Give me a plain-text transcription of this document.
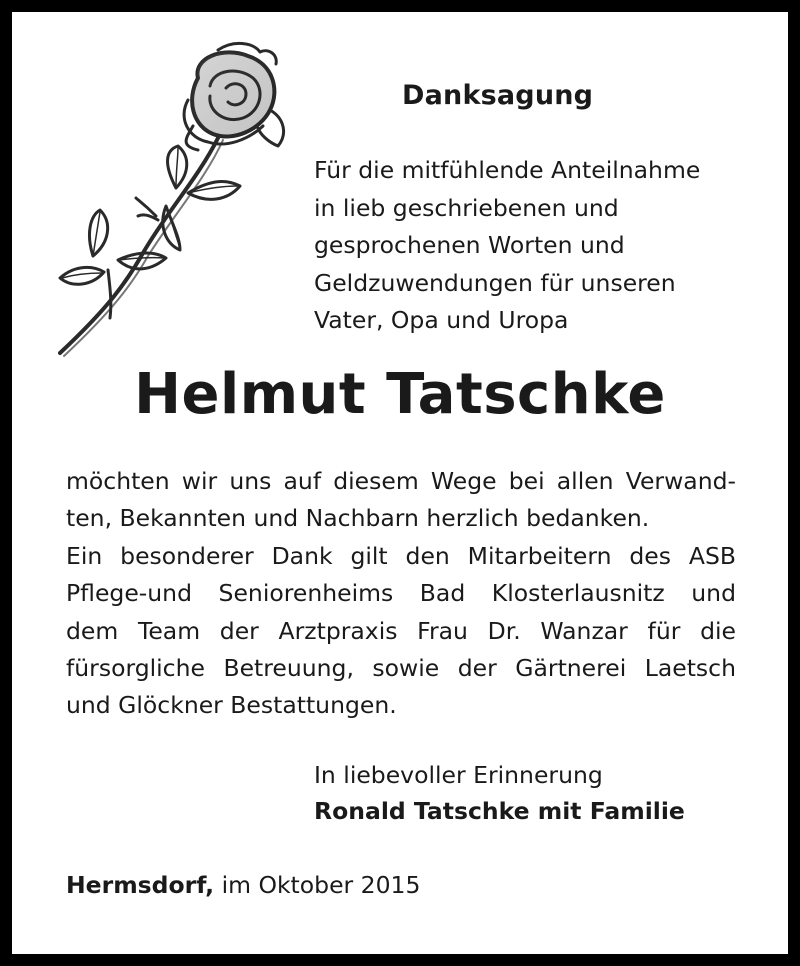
Danksagung
Für die mitfühlende Anteilnahme
in lieb geschriebenen und
gesprochenen Worten und
Geldzuwendungen für unseren
Vater, Opa und Uropa
Helmut Tatschke
möchten wir uns auf diesem Wege bei allen Verwand-
ten, Bekannten und Nachbarn herzlich bedanken.
Ein besonderer Dank gilt den Mitarbeitern des ASB
Pflege-und Seniorenheims Bad Klosterlausnitz und
dem Team der Arztpraxis Frau Dr. Wanzar für die
fürsorgliche Betreuung, sowie der Gärtnerei Laetsch
und Glöckner Bestattungen.
In liebevoller Erinnerung
Ronald Tatschke mit Familie
Hermsdorf, im Oktober 2015
